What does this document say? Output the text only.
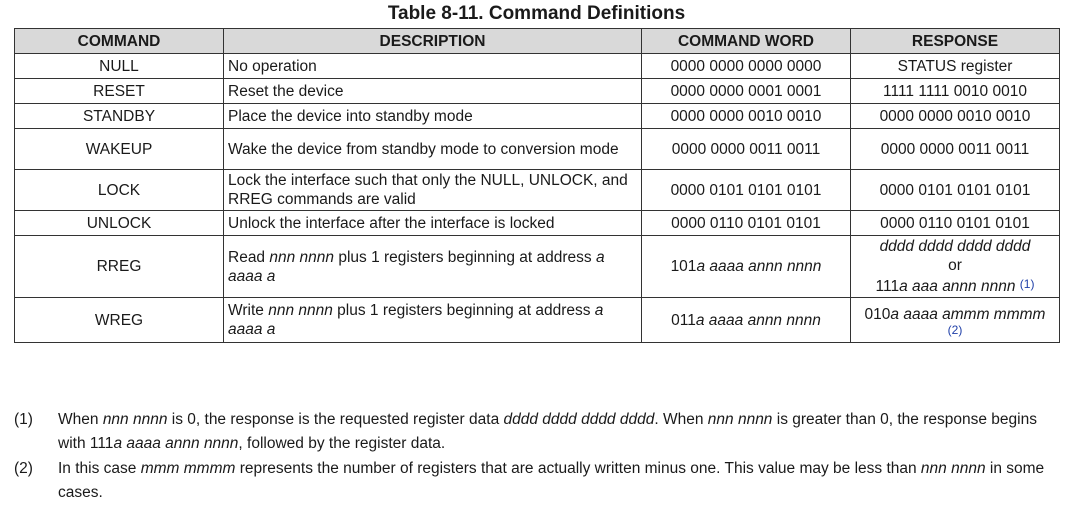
Table 8-11. Command Definitions
COMMAND	DESCRIPTION	COMMAND WORD	RESPONSE
NULL	No operation	0000 0000 0000 0000	STATUS register
RESET	Reset the device	0000 0000 0001 0001	1111 1111 0010 0010
STANDBY	Place the device into standby mode	0000 0000 0010 0010	0000 0000 0010 0010
WAKEUP	Wake the device from standby mode to conversion mode	0000 0000 0011 0011	0000 0000 0011 0011
LOCK	Lock the interface such that only the NULL, UNLOCK, and RREG commands are valid	0000 0101 0101 0101	0000 0101 0101 0101
UNLOCK	Unlock the interface after the interface is locked	0000 0110 0101 0101	0000 0110 0101 0101
RREG	Read nnn nnnn plus 1 registers beginning at address a aaaa a	101a aaaa annn nnnn	dddd dddd dddd dddd
or
111a aaa annn nnnn (1)
WREG	Write nnn nnnn plus 1 registers beginning at address a aaaa a	011a aaaa annn nnnn	010a aaaa ammm mmmm
(2)
(1)	When nnn nnnn is 0, the response is the requested register data dddd dddd dddd dddd. When nnn nnnn is greater than 0, the response begins with 111a aaaa annn nnnn, followed by the register data.
(2)	In this case mmm mmmm represents the number of registers that are actually written minus one. This value may be less than nnn nnnn in some cases.
